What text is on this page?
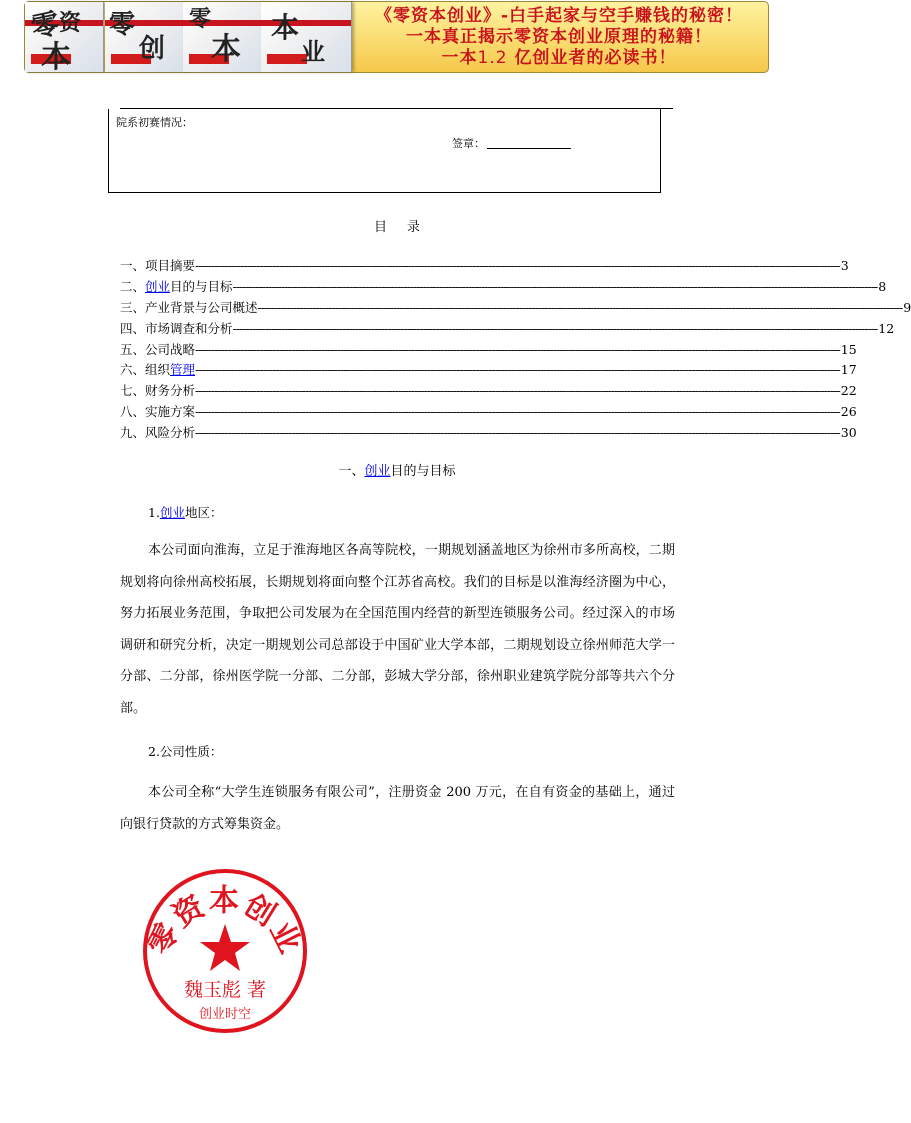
零
资
本
零
创
零
本
本
业
《零资本创业》-白手起家与空手赚钱的秘密！
一本真正揭示零资本创业原理的秘籍！
一本1.2 亿创业者的必读书！
院系初赛情况：
签章：
目录
一、项目摘要 -------------------------------------------------------------------------------------------------------------------------------------------------------------------------------------------------------- 3
二、 创业 目的与目标 -------------------------------------------------------------------------------------------------------------------------------------------------------------------------------------------------------- 8
三、产业背景与公司概述 -------------------------------------------------------------------------------------------------------------------------------------------------------------------------------------------------------- 9
四、市场调查和分析 -------------------------------------------------------------------------------------------------------------------------------------------------------------------------------------------------------- 12
五、公司战略 -------------------------------------------------------------------------------------------------------------------------------------------------------------------------------------------------------- 15
六、组织 管理 -------------------------------------------------------------------------------------------------------------------------------------------------------------------------------------------------------- 17
七、财务分析 -------------------------------------------------------------------------------------------------------------------------------------------------------------------------------------------------------- 22
八、实施方案 -------------------------------------------------------------------------------------------------------------------------------------------------------------------------------------------------------- 26
九、风险分析 -------------------------------------------------------------------------------------------------------------------------------------------------------------------------------------------------------- 30
一、创业目的与目标
1.创业地区：
本公司面向淮海，立足于淮海地区各高等院校，一期规划涵盖地区为徐州市多所高校，二期规划将向徐州高校拓展，长期规划将面向整个江苏省高校。我们的目标是以淮海经济圈为中心，努力拓展业务范围，争取把公司发展为在全国范围内经营的新型连锁服务公司。经过深入的市场调研和研究分析，决定一期规划公司总部设于中国矿业大学本部，二期规划设立徐州师范大学一分部、二分部，徐州医学院一分部、二分部，彭城大学分部，徐州职业建筑学院分部等共六个分部。
2.公司性质：
本公司全称“大学生连锁服务有限公司”，注册资金 200 万元，在自有资金的基础上，通过向银行贷款的方式筹集资金。
零资本创业
魏玉彪 著
创业时空
